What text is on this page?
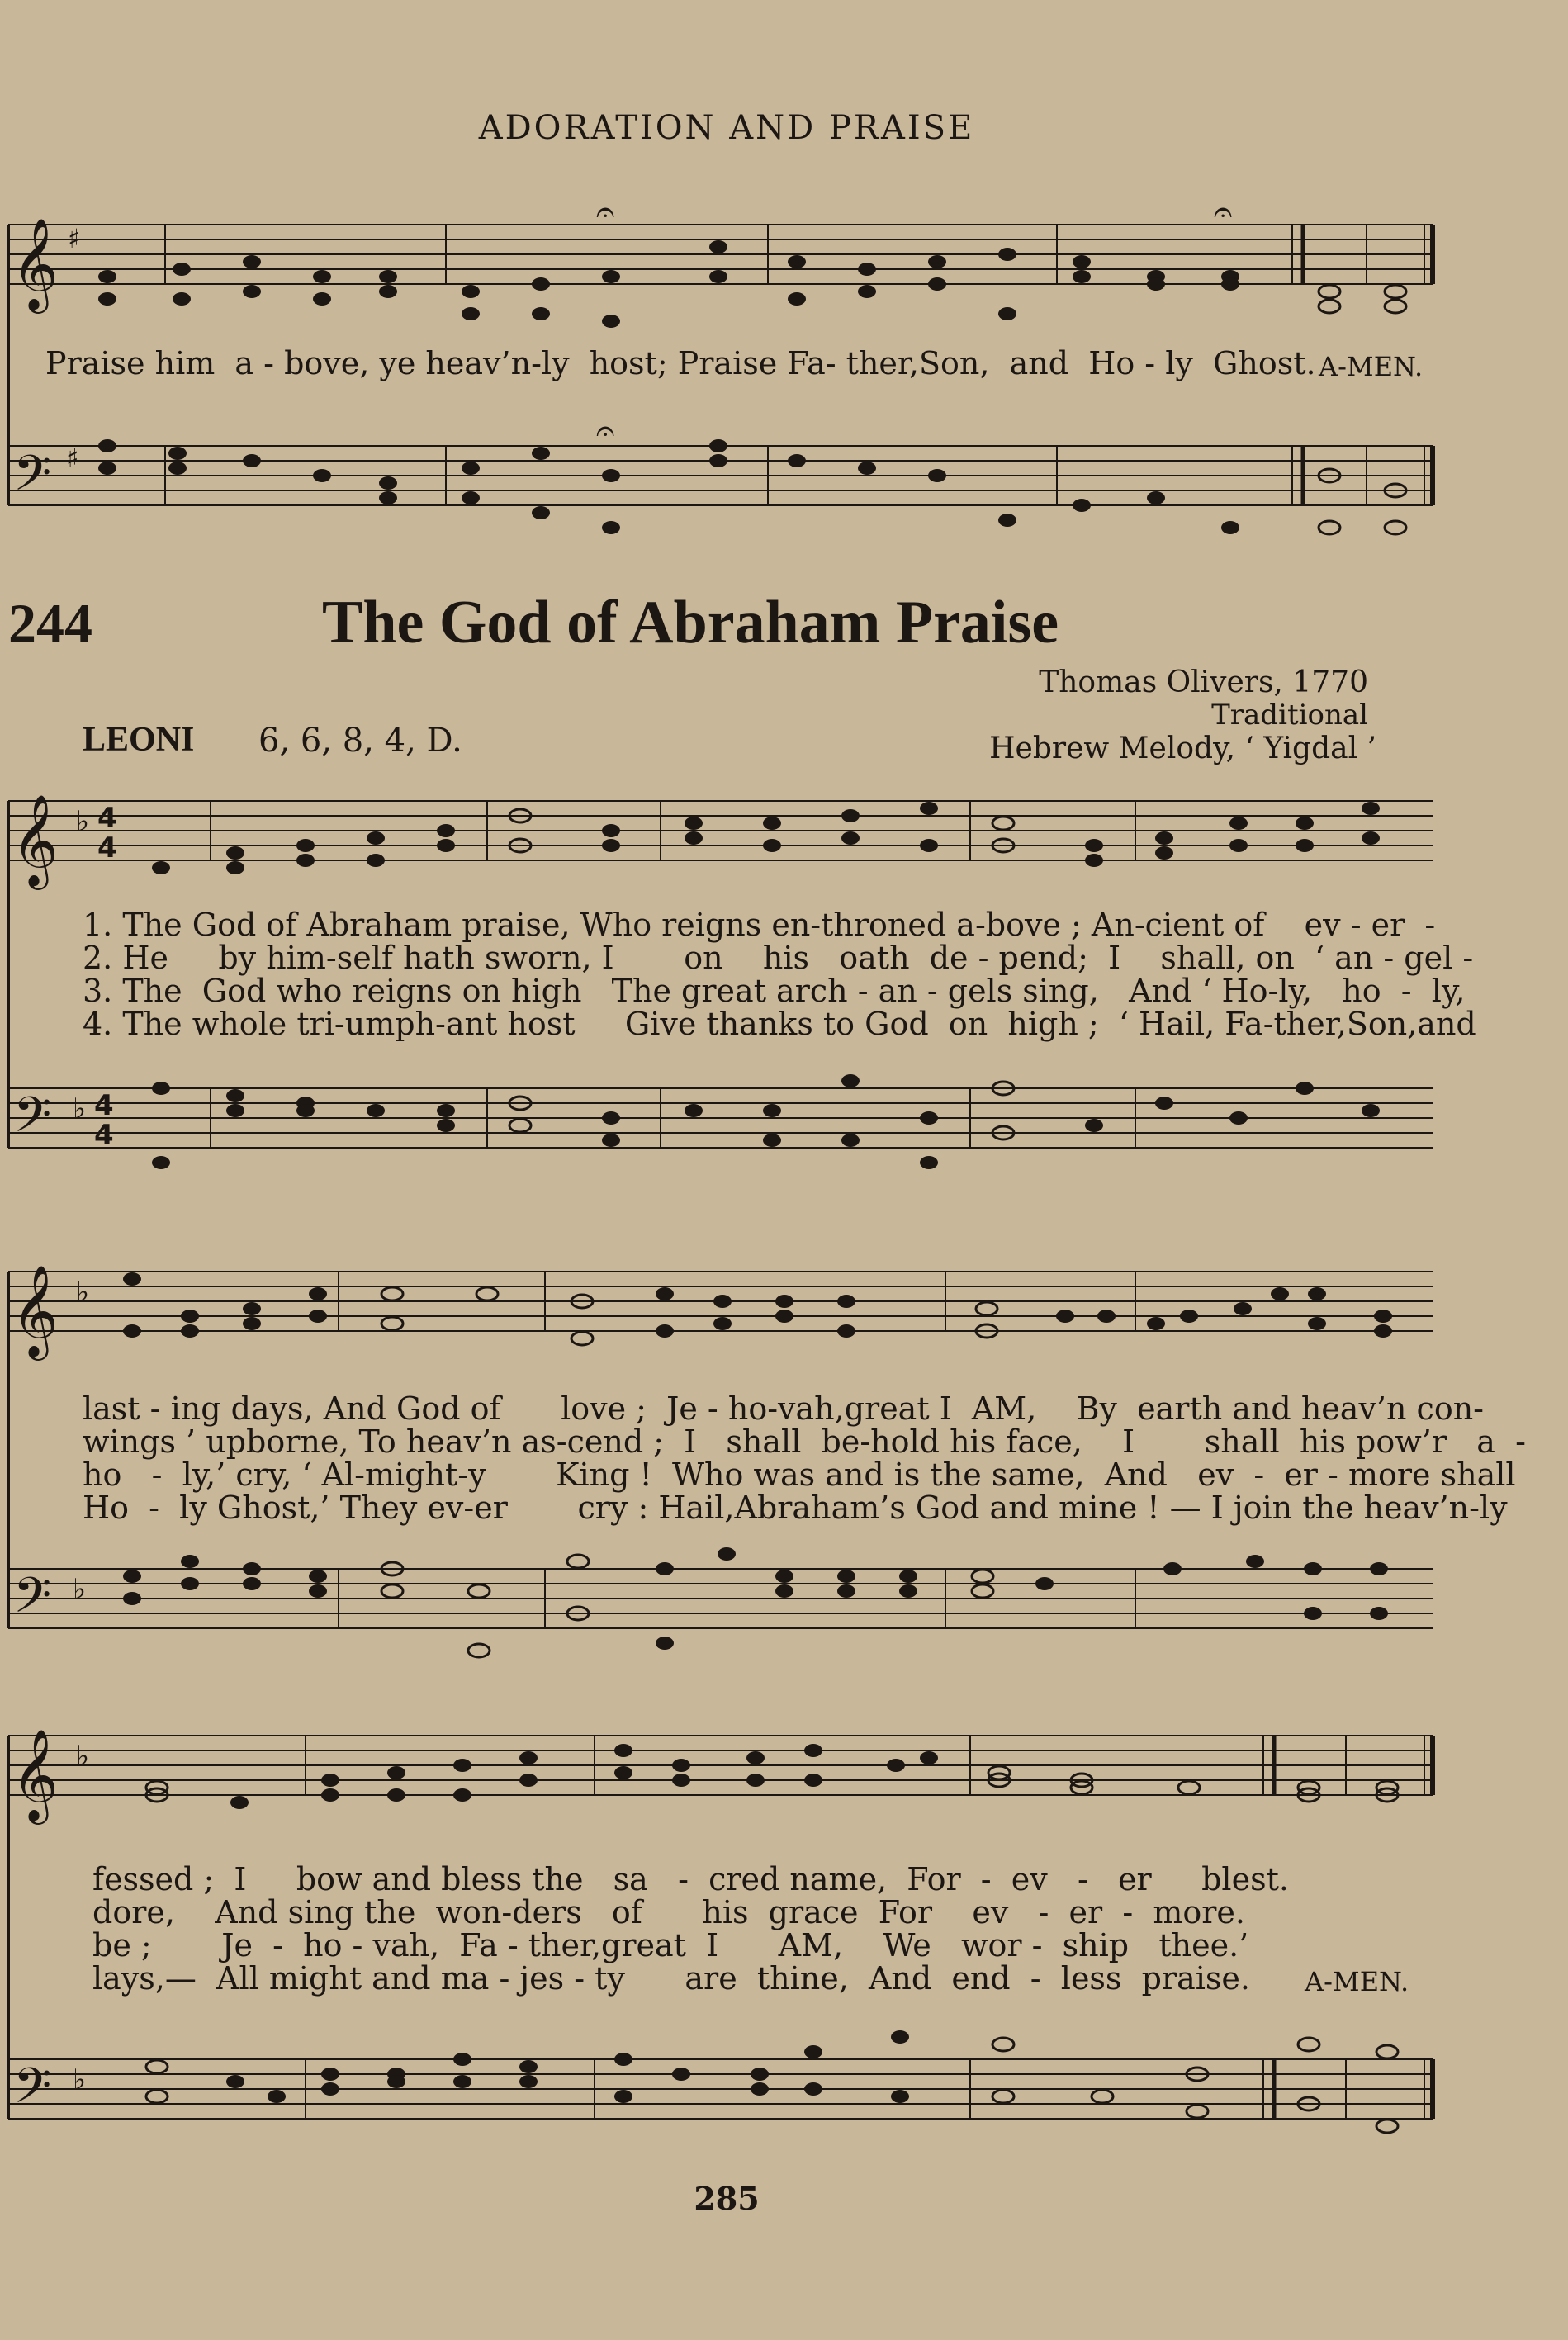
ADORATION AND PRAISE
𝄞
𝄢
♯
♯
𝄐	𝄐
𝄐
Praise him  a - bove, ye heav’n-ly  host; Praise Fa- ther,Son,  and  Ho - ly  Ghost. A-MEN.
244	The God of Abraham Praise
Thomas Olivers, 1770
Traditional
Hebrew Melody, ‘ Yigdal ’
LEONI 6, 6, 8, 4, D.
𝄞
𝄢
♭
♭
4
4
4
4
1. The God of Abraham praise, Who reigns en-throned a-bove ; An-cient of    ev - er  -
2. He     by him-self hath sworn, I       on    his   oath  de - pend;  I    shall, on  ‘ an - gel -
3. The  God who reigns on high   The great arch - an - gels sing,   And ‘ Ho-ly,   ho  -  ly,
4. The whole tri-umph-ant host     Give thanks to God  on  high ;  ‘ Hail, Fa-ther,Son,and
𝄞
𝄢
♭
♭
last - ing days, And God of      love ;  Je - ho-vah,great I  AM,    By  earth and heav’n con-
wings ’ upborne, To heav’n as-cend ;  I   shall  be-hold his face,    I       shall  his pow’r   a  -
ho   -  ly,’ cry, ‘ Al-might-y       King !  Who was and is the same,  And   ev  -  er - more shall
Ho  -  ly Ghost,’ They ev-er       cry : Hail,Abraham’s God and mine ! — I join the heav’n-ly
𝄞
𝄢
♭
♭
fessed ;  I     bow and bless the   sa   -  cred name,  For  -  ev   -   er     blest.
dore,    And sing the  won-ders   of      his  grace  For    ev   -  er  -  more.
be ;       Je  -  ho - vah,  Fa - ther,great  I      AM,    We   wor -  ship   thee.’
lays,—  All might and ma - jes - ty      are  thine,  And  end  -  less  praise. A-MEN.
285
